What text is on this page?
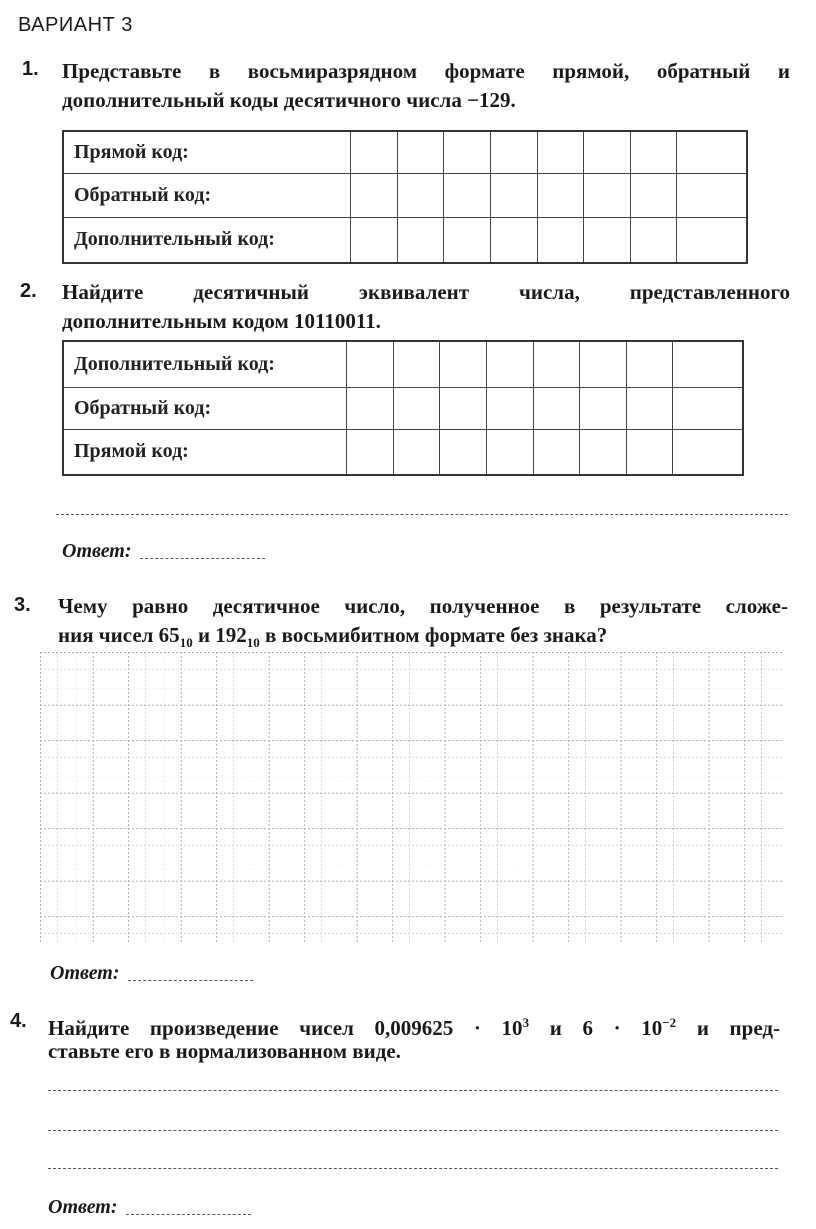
ВАРИАНТ 3
1. Представьте в восьмиразрядном формате прямой, обратный и
дополнительный коды десятичного числа −129.
Прямой код:								
Обратный код:								
Дополнительный код:								
2. Найдите десятичный эквивалент числа, представленного
дополнительным кодом 10110011.
Дополнительный код:								
Обратный код:								
Прямой код:								
Ответ:
3. Чему равно десятичное число, полученное в результате сложе-
ния чисел $65_{10}$ и $192_{10}$ в восьмибитном формате без знака?
Ответ:
4. Найдите произведение чисел $0,009625 \cdot 10^3$ и $6 \cdot 10^{-2}$ и пред-
ставьте его в нормализованном виде.
Ответ:
